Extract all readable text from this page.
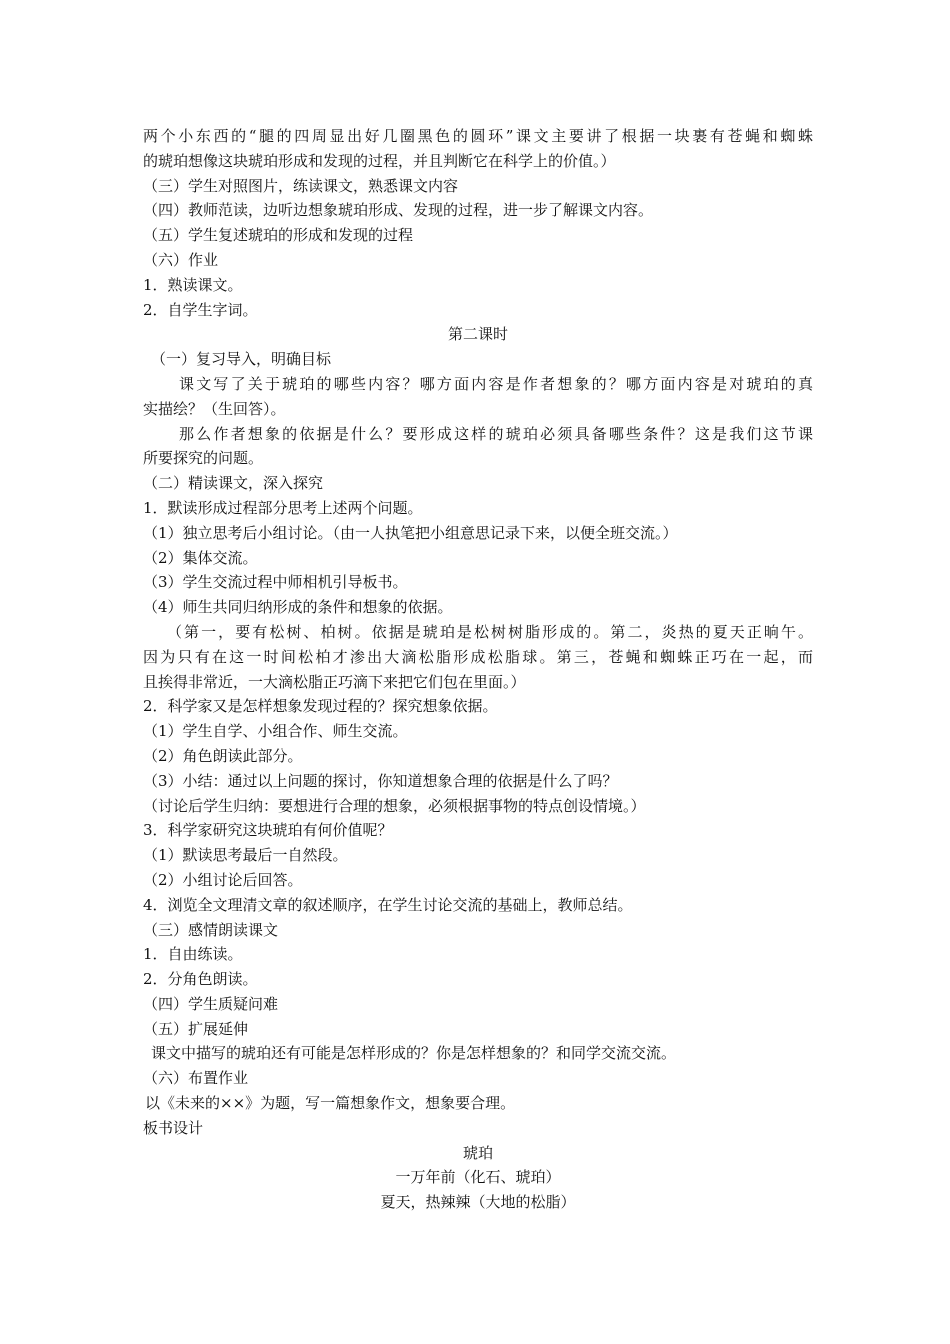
两个小东西的“腿的四周显出好几圈黑色的圆环”课文主要讲了根据一块裹有苍蝇和蜘蛛
的琥珀想像这块琥珀形成和发现的过程，并且判断它在科学上的价值。）
（三）学生对照图片，练读课文，熟悉课文内容
（四）教师范读，边听边想象琥珀形成、发现的过程，进一步了解课文内容。
（五）学生复述琥珀的形成和发现的过程
（六）作业
1．熟读课文。
2．自学生字词。
第二课时
（一）复习导入，明确目标
课文写了关于琥珀的哪些内容？哪方面内容是作者想象的？哪方面内容是对琥珀的真
实描绘？（生回答）。
那么作者想象的依据是什么？要形成这样的琥珀必须具备哪些条件？这是我们这节课
所要探究的问题。
（二）精读课文，深入探究
1．默读形成过程部分思考上述两个问题。
（1）独立思考后小组讨论。（由一人执笔把小组意思记录下来，以便全班交流。）
（2）集体交流。
（3）学生交流过程中师相机引导板书。
（4）师生共同归纳形成的条件和想象的依据。
（第一，要有松树、柏树。依据是琥珀是松树树脂形成的。第二，炎热的夏天正晌午。
因为只有在这一时间松柏才渗出大滴松脂形成松脂球。第三，苍蝇和蜘蛛正巧在一起，而
且挨得非常近，一大滴松脂正巧滴下来把它们包在里面。）
2．科学家又是怎样想象发现过程的？探究想象依据。
（1）学生自学、小组合作、师生交流。
（2）角色朗读此部分。
（3）小结：通过以上问题的探讨，你知道想象合理的依据是什么了吗？
（讨论后学生归纳：要想进行合理的想象，必须根据事物的特点创设情境。）
3．科学家研究这块琥珀有何价值呢？
（1）默读思考最后一自然段。
（2）小组讨论后回答。
4．浏览全文理清文章的叙述顺序，在学生讨论交流的基础上，教师总结。
（三）感情朗读课文
1．自由练读。
2．分角色朗读。
（四）学生质疑问难
（五）扩展延伸
课文中描写的琥珀还有可能是怎样形成的？你是怎样想象的？和同学交流交流。
（六）布置作业
以《未来的××》为题，写一篇想象作文，想象要合理。
板书设计
琥珀
一万年前（化石、琥珀）
夏天，热辣辣（大地的松脂）
